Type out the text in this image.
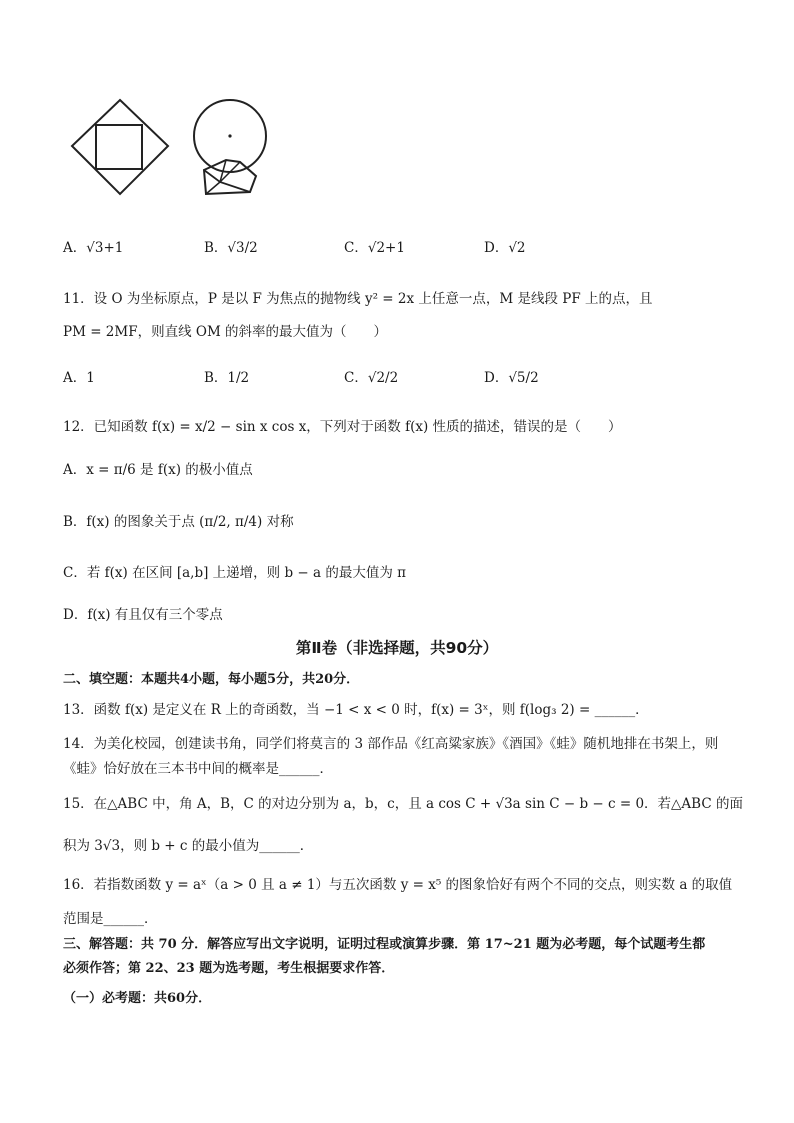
A．√3+1	B．√3/2	C．√2+1	D．√2
11．设 O 为坐标原点，P 是以 F 为焦点的抛物线 y² = 2x 上任意一点，M 是线段 PF 上的点，且
PM = 2MF，则直线 OM 的斜率的最大值为（　　）
A．1	B．1/2	C．√2/2	D．√5/2
12．已知函数 f(x) = x/2 − sin x cos x，下列对于函数 f(x) 性质的描述，错误的是（　　）
A．x = π/6 是 f(x) 的极小值点
B．f(x) 的图象关于点 (π/2, π/4) 对称
C．若 f(x) 在区间 [a,b] 上递增，则 b − a 的最大值为 π
D．f(x) 有且仅有三个零点
第Ⅱ卷（非选择题，共90分）
二、填空题：本题共4小题，每小题5分，共20分．
13．函数 f(x) 是定义在 R 上的奇函数，当 −1 < x < 0 时，f(x) = 3ˣ，则 f(log₃ 2) = ______．
14．为美化校园，创建读书角，同学们将莫言的 3 部作品《红高粱家族》《酒国》《蛙》随机地排在书架上，则
《蛙》恰好放在三本书中间的概率是______．
15．在△ABC 中，角 A，B，C 的对边分别为 a，b，c，且 a cos C + √3a sin C − b − c = 0．若△ABC 的面
积为 3√3，则 b + c 的最小值为______．
16．若指数函数 y = aˣ（a > 0 且 a ≠ 1）与五次函数 y = x⁵ 的图象恰好有两个不同的交点，则实数 a 的取值
范围是______．
三、解答题：共 70 分．解答应写出文字说明，证明过程或演算步骤．第 17~21 题为必考题，每个试题考生都
必须作答；第 22、23 题为选考题，考生根据要求作答．
（一）必考题：共60分．
